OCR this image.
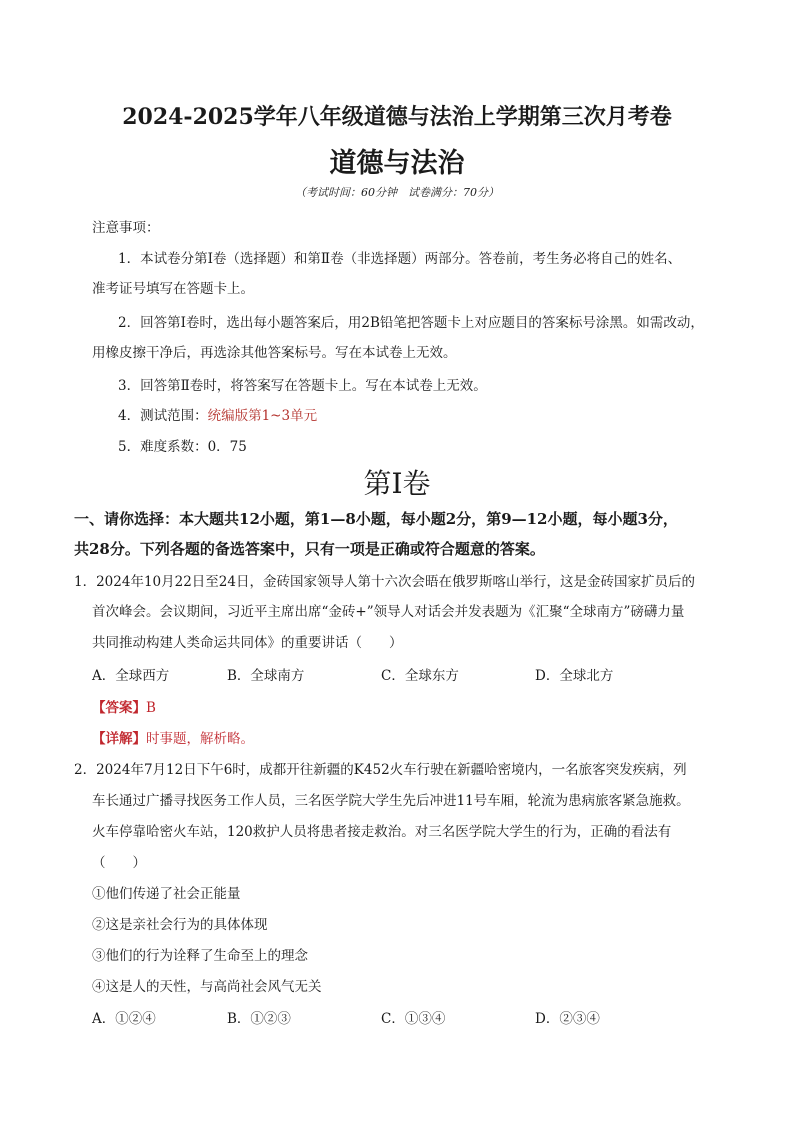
2024-2025学年八年级道德与法治上学期第三次月考卷
道德与法治
（考试时间：60分钟　试卷满分：70分）
注意事项：
1．本试卷分第Ⅰ卷（选择题）和第Ⅱ卷（非选择题）两部分。答卷前，考生务必将自己的姓名、
准考证号填写在答题卡上。
2．回答第Ⅰ卷时，选出每小题答案后，用2B铅笔把答题卡上对应题目的答案标号涂黑。如需改动，
用橡皮擦干净后，再选涂其他答案标号。写在本试卷上无效。
3．回答第Ⅱ卷时，将答案写在答题卡上。写在本试卷上无效。
4．测试范围：统编版第1~3单元
5．难度系数：0．75
第Ⅰ卷
一、请你选择：本大题共12小题，第1—8小题，每小题2分，第9—12小题，每小题3分，
共28分。下列各题的备选答案中，只有一项是正确或符合题意的答案。
1．2024年10月22日至24日，金砖国家领导人第十六次会晤在俄罗斯喀山举行，这是金砖国家扩员后的
首次峰会。会议期间，习近平主席出席“金砖+”领导人对话会并发表题为《汇聚“全球南方”磅礴力量
共同推动构建人类命运共同体》的重要讲话（　　）
A．全球西方	B．全球南方	C．全球东方	D．全球北方
【答案】B
【详解】时事题，解析略。
2．2024年7月12日下午6时，成都开往新疆的K452火车行驶在新疆哈密境内，一名旅客突发疾病，列
车长通过广播寻找医务工作人员，三名医学院大学生先后冲进11号车厢，轮流为患病旅客紧急施救。
火车停靠哈密火车站，120救护人员将患者接走救治。对三名医学院大学生的行为，正确的看法有
（　　）
①他们传递了社会正能量
②这是亲社会行为的具体体现
③他们的行为诠释了生命至上的理念
④这是人的天性，与高尚社会风气无关
A．①②④	B．①②③	C．①③④	D．②③④
